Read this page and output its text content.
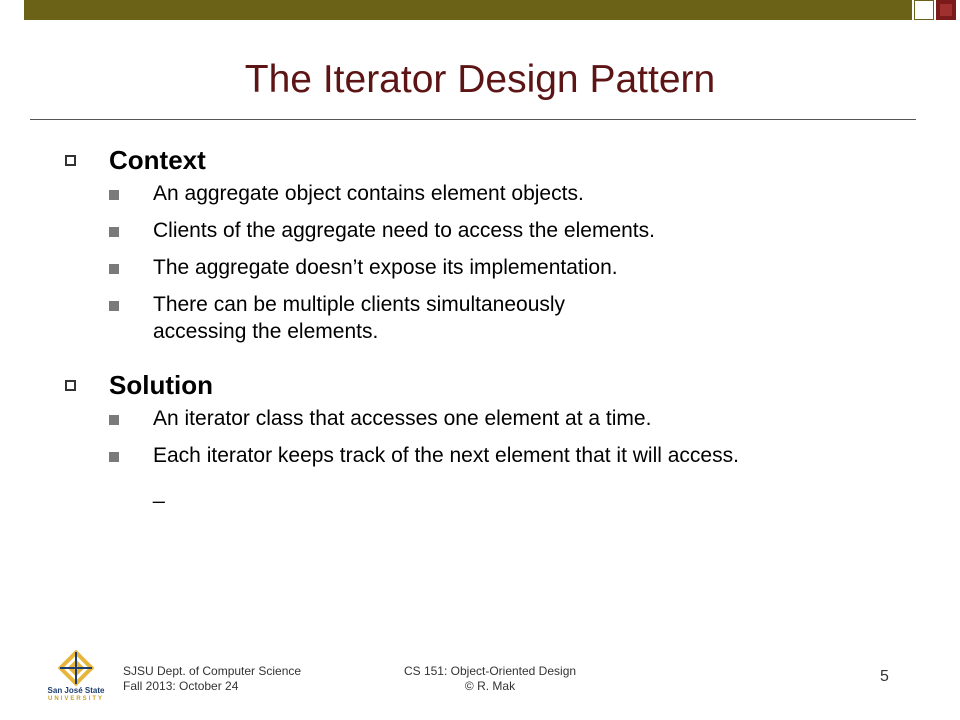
The Iterator Design Pattern
Context
An aggregate object contains element objects.
Clients of the aggregate need to access the elements.
The aggregate doesn’t expose its implementation.
There can be multiple clients simultaneously
accessing the elements.
Solution
An iterator class that accesses one element at a time.
Each iterator keeps track of the next element that it will access.
_
San José State
UNIVERSITY
SJSU Dept. of Computer Science
Fall 2013: October 24
CS 151: Object-Oriented Design
© R. Mak
5
